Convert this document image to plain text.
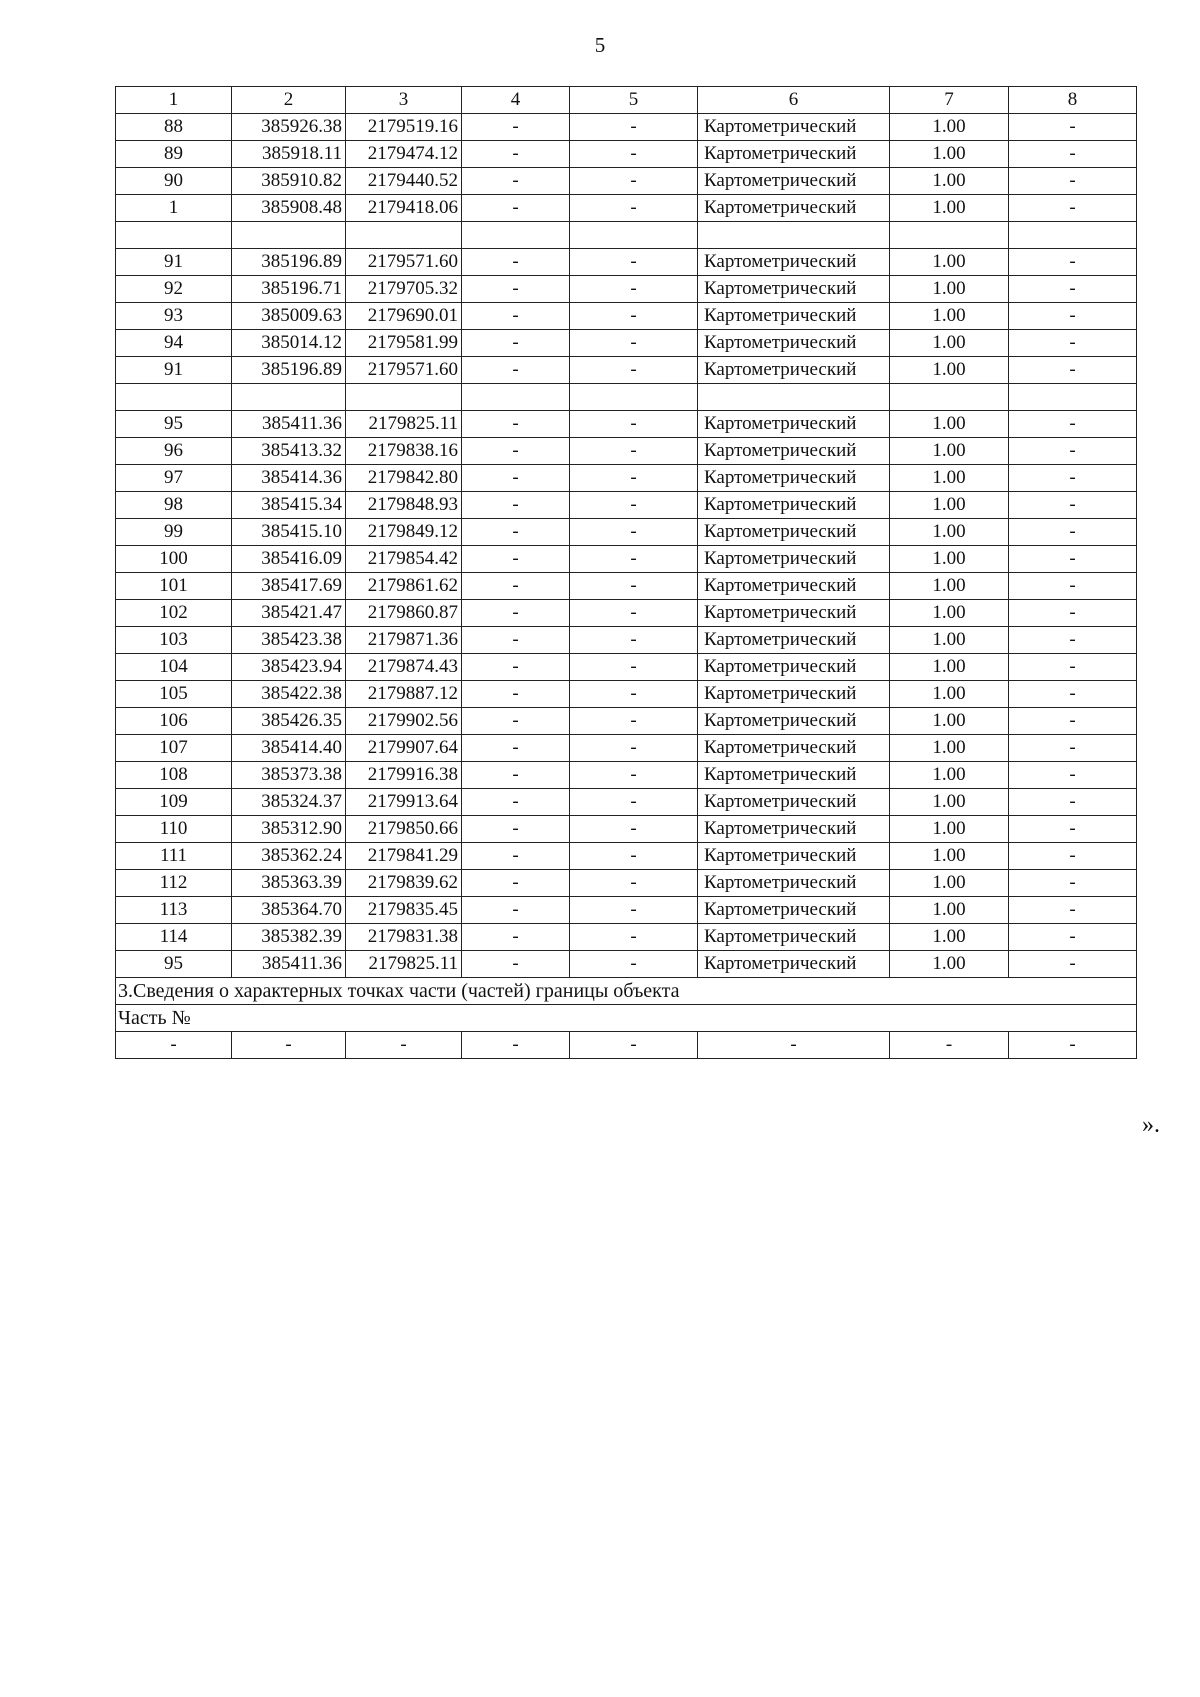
5
1	2	3	4	5	6	7	8
88	385926.38	2179519.16	-	-	Картометрический	1.00	-
89	385918.11	2179474.12	-	-	Картометрический	1.00	-
90	385910.82	2179440.52	-	-	Картометрический	1.00	-
1	385908.48	2179418.06	-	-	Картометрический	1.00	-

91	385196.89	2179571.60	-	-	Картометрический	1.00	-
92	385196.71	2179705.32	-	-	Картометрический	1.00	-
93	385009.63	2179690.01	-	-	Картометрический	1.00	-
94	385014.12	2179581.99	-	-	Картометрический	1.00	-
91	385196.89	2179571.60	-	-	Картометрический	1.00	-

95	385411.36	2179825.11	-	-	Картометрический	1.00	-
96	385413.32	2179838.16	-	-	Картометрический	1.00	-
97	385414.36	2179842.80	-	-	Картометрический	1.00	-
98	385415.34	2179848.93	-	-	Картометрический	1.00	-
99	385415.10	2179849.12	-	-	Картометрический	1.00	-
100	385416.09	2179854.42	-	-	Картометрический	1.00	-
101	385417.69	2179861.62	-	-	Картометрический	1.00	-
102	385421.47	2179860.87	-	-	Картометрический	1.00	-
103	385423.38	2179871.36	-	-	Картометрический	1.00	-
104	385423.94	2179874.43	-	-	Картометрический	1.00	-
105	385422.38	2179887.12	-	-	Картометрический	1.00	-
106	385426.35	2179902.56	-	-	Картометрический	1.00	-
107	385414.40	2179907.64	-	-	Картометрический	1.00	-
108	385373.38	2179916.38	-	-	Картометрический	1.00	-
109	385324.37	2179913.64	-	-	Картометрический	1.00	-
110	385312.90	2179850.66	-	-	Картометрический	1.00	-
111	385362.24	2179841.29	-	-	Картометрический	1.00	-
112	385363.39	2179839.62	-	-	Картометрический	1.00	-
113	385364.70	2179835.45	-	-	Картометрический	1.00	-
114	385382.39	2179831.38	-	-	Картометрический	1.00	-
95	385411.36	2179825.11	-	-	Картометрический	1.00	-
3.Сведения о характерных точках части (частей) границы объекта							
Часть №							
-	-	-	-	-	-	-	-
».
